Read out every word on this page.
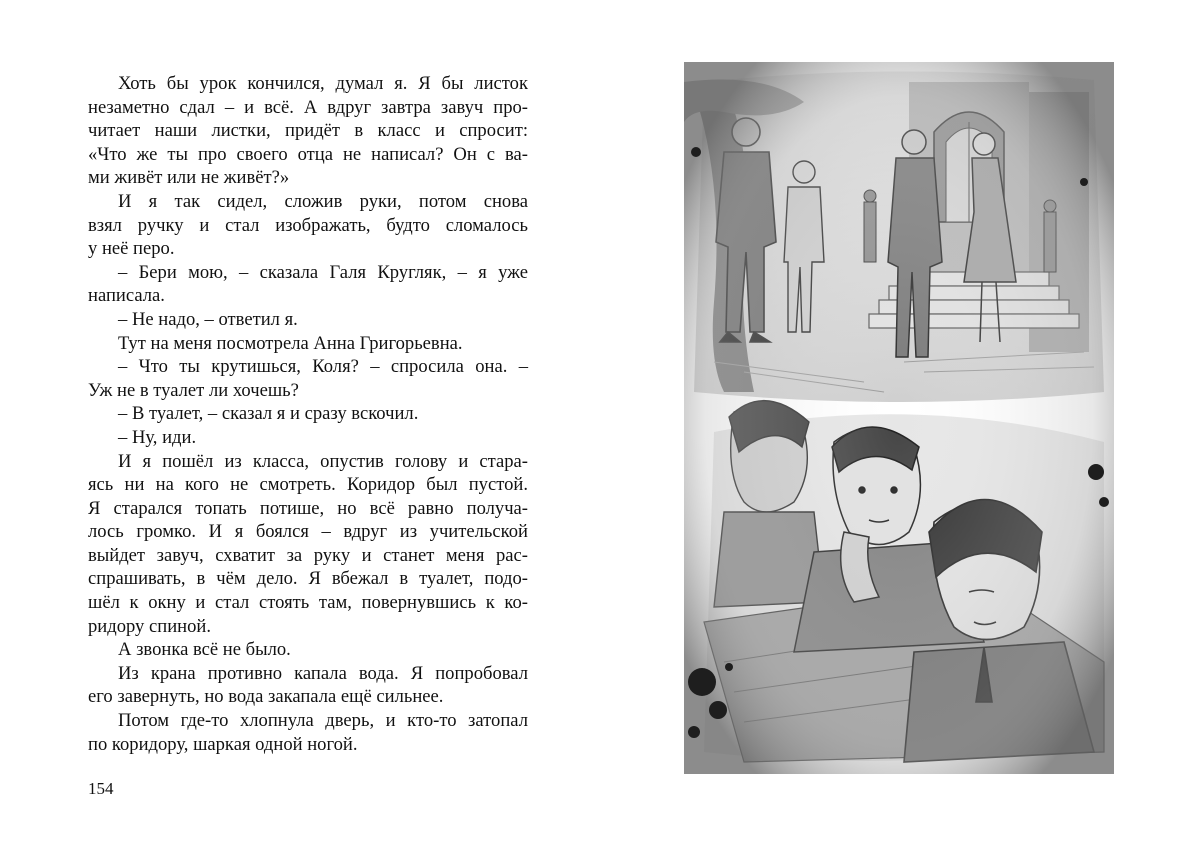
Хоть бы урок кончился, думал я. Я бы листок
незаметно сдал – и всё. А вдруг завтра завуч про-
читает наши листки, придёт в класс и спросит:
«Что же ты про своего отца не написал? Он с ва-
ми живёт или не живёт?»
И я так сидел, сложив руки, потом снова
взял ручку и стал изображать, будто сломалось
у неё перо.
– Бери мою, – сказала Галя Кругляк, – я уже
написала.
– Не надо, – ответил я.
Тут на меня посмотрела Анна Григорьевна.
– Что ты крутишься, Коля? – спросила она. –
Уж не в туалет ли хочешь?
– В туалет, – сказал я и сразу вскочил.
– Ну, иди.
И я пошёл из класса, опустив голову и стара-
ясь ни на кого не смотреть. Коридор был пустой.
Я старался топать потише, но всё равно получа-
лось громко. И я боялся – вдруг из учительской
выйдет завуч, схватит за руку и станет меня рас-
спрашивать, в чём дело. Я вбежал в туалет, подо-
шёл к окну и стал стоять там, повернувшись к ко-
ридору спиной.
А звонка всё не было.
Из крана противно капала вода. Я попробовал
его завернуть, но вода закапала ещё сильнее.
Потом где-то хлопнула дверь, и кто-то затопал
по коридору, шаркая одной ногой.
154
